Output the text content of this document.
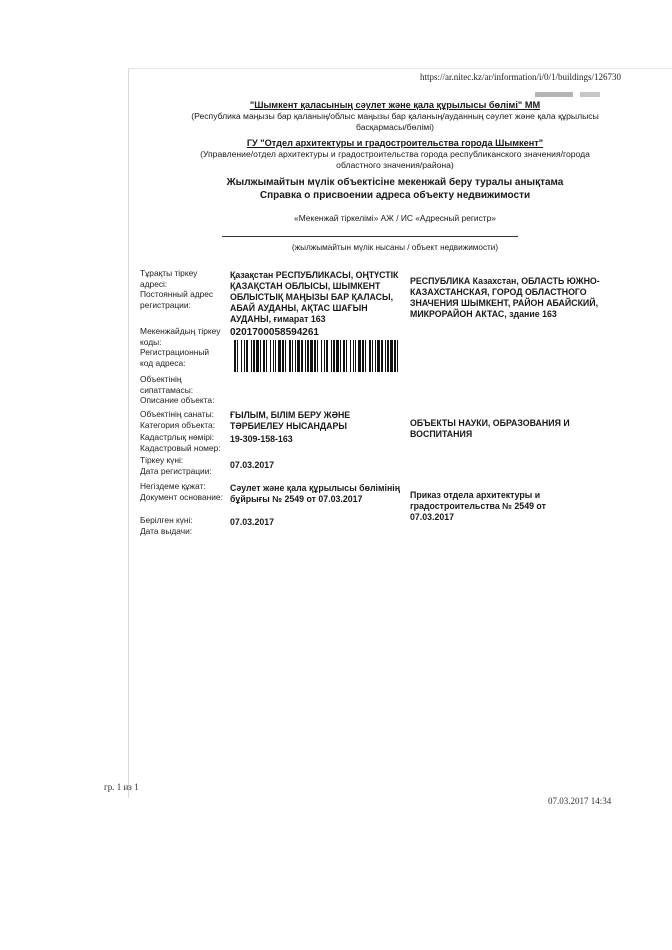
https://ar.nitec.kz/ar/information/i/0/1/buildings/126730
"Шымкент қаласының сәулет және қала құрылысы бөлімі" ММ
(Республика маңызы бар қаланың/облыс маңызы бар қаланың/ауданның сәулет және қала құрылысы
басқармасы/бөлімі)
ГУ "Отдел архитектуры и градостроительства города Шымкент"
(Управление/отдел архитектуры и градостроительства города республиканского значения/города
областного значения/района)
Жылжымайтын мүлік объектісіне мекенжай беру туралы анықтама
Справка о присвоении адреса объекту недвижимости
«Мекенжай тіркелімі» АЖ / ИС «Адресный регистр»
(жылжымайтын мүлік нысаны / объект недвижимости)
Тұрақты тіркеу
адресі:
Постоянный адрес
регистрации:
Қазақстан РЕСПУБЛИКАСЫ, ОҢТҮСТІК ҚАЗАҚСТАН ОБЛЫСЫ, ШЫМКЕНТ ОБЛЫСТЫҚ МАҢЫЗЫ БАР ҚАЛАСЫ, АБАЙ АУДАНЫ, АҚТАС ШАҒЫН АУДАНЫ, ғимарат 163
РЕСПУБЛИКА Казахстан, ОБЛАСТЬ ЮЖНО-КАЗАХСТАНСКАЯ, ГОРОД ОБЛАСТНОГО ЗНАЧЕНИЯ ШЫМКЕНТ, РАЙОН АБАЙСКИЙ, МИКРОРАЙОН АКТАС, здание 163
Мекенжайдың тіркеу
коды:
Регистрационный
код адреса:
0201700058594261
Объектінің
сипаттамасы:
Описание объекта:
Объектінің санаты:
Категория объекта:
ҒЫЛЫМ, БІЛІМ БЕРУ ЖӘНЕ ТӘРБИЕЛЕУ НЫСАНДАРЫ	ОБЪЕКТЫ НАУКИ, ОБРАЗОВАНИЯ И ВОСПИТАНИЯ
Кадастрлық нөмірі:
Кадастровый номер:
19-309-158-163
Тіркеу күні:
Дата регистрации:
07.03.2017
Негіздеме құжат:
Документ основание:
Сәулет және қала құрылысы бөлімінің бұйрығы № 2549 от 07.03.2017	Приказ отдела архитектуры и градостроительства № 2549 от 07.03.2017
Берілген күні:
Дата выдачи:
07.03.2017
гр. 1 из 1
07.03.2017 14:34
